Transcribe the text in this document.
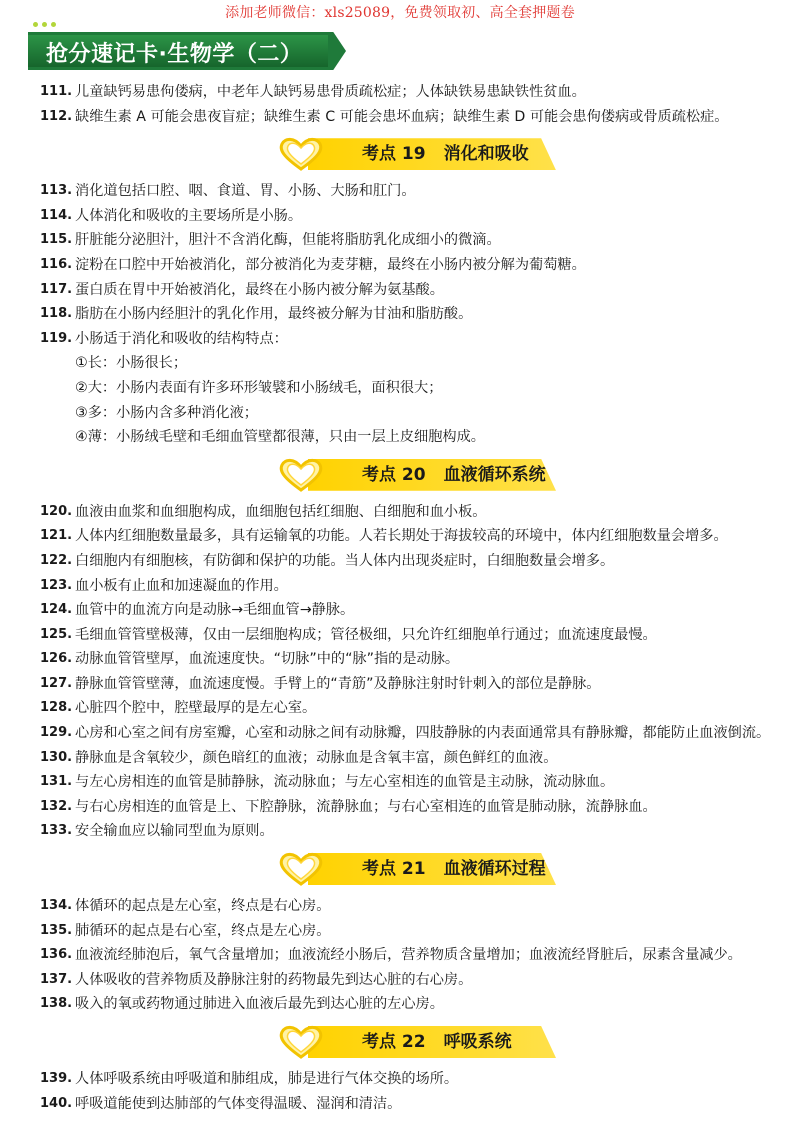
添加老师微信：xls25089，免费领取初、高全套押题卷
抢分速记卡·生物学（二）
111. 儿童缺钙易患佝偻病，中老年人缺钙易患骨质疏松症；人体缺铁易患缺铁性贫血。
112. 缺维生素 A 可能会患夜盲症；缺维生素 C 可能会患坏血病；缺维生素 D 可能会患佝偻病或骨质疏松症。
考点 19 消化和吸收
113. 消化道包括口腔、咽、食道、胃、小肠、大肠和肛门。
114. 人体消化和吸收的主要场所是小肠。
115. 肝脏能分泌胆汁，胆汁不含消化酶，但能将脂肪乳化成细小的微滴。
116. 淀粉在口腔中开始被消化，部分被消化为麦芽糖，最终在小肠内被分解为葡萄糖。
117. 蛋白质在胃中开始被消化，最终在小肠内被分解为氨基酸。
118. 脂肪在小肠内经胆汁的乳化作用，最终被分解为甘油和脂肪酸。
119. 小肠适于消化和吸收的结构特点：
①长：小肠很长；
②大：小肠内表面有许多环形皱襞和小肠绒毛，面积很大；
③多：小肠内含多种消化液；
④薄：小肠绒毛壁和毛细血管壁都很薄，只由一层上皮细胞构成。
考点 20 血液循环系统
120. 血液由血浆和血细胞构成，血细胞包括红细胞、白细胞和血小板。
121. 人体内红细胞数量最多，具有运输氧的功能。人若长期处于海拔较高的环境中，体内红细胞数量会增多。
122. 白细胞内有细胞核，有防御和保护的功能。当人体内出现炎症时，白细胞数量会增多。
123. 血小板有止血和加速凝血的作用。
124. 血管中的血流方向是动脉→毛细血管→静脉。
125. 毛细血管管壁极薄，仅由一层细胞构成；管径极细，只允许红细胞单行通过；血流速度最慢。
126. 动脉血管管壁厚，血流速度快。“切脉”中的“脉”指的是动脉。
127. 静脉血管管壁薄，血流速度慢。手臂上的“青筋”及静脉注射时针刺入的部位是静脉。
128. 心脏四个腔中，腔壁最厚的是左心室。
129. 心房和心室之间有房室瓣，心室和动脉之间有动脉瓣，四肢静脉的内表面通常具有静脉瓣，都能防止血液倒流。
130. 静脉血是含氧较少，颜色暗红的血液；动脉血是含氧丰富，颜色鲜红的血液。
131. 与左心房相连的血管是肺静脉，流动脉血；与左心室相连的血管是主动脉，流动脉血。
132. 与右心房相连的血管是上、下腔静脉，流静脉血；与右心室相连的血管是肺动脉，流静脉血。
133. 安全输血应以输同型血为原则。
考点 21 血液循环过程
134. 体循环的起点是左心室，终点是右心房。
135. 肺循环的起点是右心室，终点是左心房。
136. 血液流经肺泡后，氧气含量增加；血液流经小肠后，营养物质含量增加；血液流经肾脏后，尿素含量减少。
137. 人体吸收的营养物质及静脉注射的药物最先到达心脏的右心房。
138. 吸入的氧或药物通过肺进入血液后最先到达心脏的左心房。
考点 22 呼吸系统
139. 人体呼吸系统由呼吸道和肺组成，肺是进行气体交换的场所。
140. 呼吸道能使到达肺部的气体变得温暖、湿润和清洁。
